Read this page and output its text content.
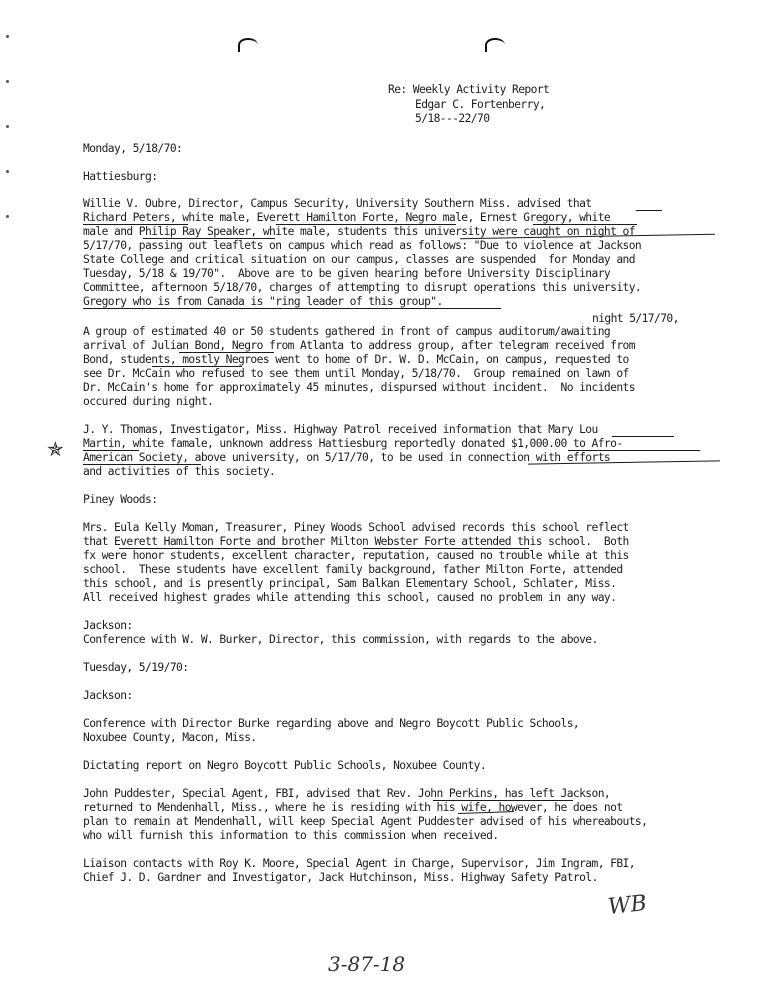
Re: Weekly Activity Report
Edgar C. Fortenberry,
5/18---22/70
Monday, 5/18/70:
Hattiesburg:
Willie V. Oubre, Director, Campus Security, University Southern Miss. advised that
Richard Peters, white male, Everett Hamilton Forte, Negro male, Ernest Gregory, white
male and Philip Ray Speaker, white male, students this university were caught on night of
5/17/70, passing out leaflets on campus which read as follows: "Due to violence at Jackson
State College and critical situation on our campus, classes are suspended  for Monday and
Tuesday, 5/18 & 19/70".  Above are to be given hearing before University Disciplinary
Committee, afternoon 5/18/70, charges of attempting to disrupt operations this university.
Gregory who is from Canada is "ring leader of this group".
night 5/17/70,
A group of estimated 40 or 50 students gathered in front of campus auditorum/awaiting
arrival of Julian Bond, Negro from Atlanta to address group, after telegram received from
Bond, students, mostly Negroes went to home of Dr. W. D. McCain, on campus, requested to
see Dr. McCain who refused to see them until Monday, 5/18/70.  Group remained on lawn of
Dr. McCain's home for approximately 45 minutes, dispursed without incident.  No incidents
occured during night.
✯
J. Y. Thomas, Investigator, Miss. Highway Patrol received information that Mary Lou
Martin, white famale, unknown address Hattiesburg reportedly donated $1,000.00 to Afro-
American Society, above university, on 5/17/70, to be used in connection with efforts
and activities of this society.
Piney Woods:
Mrs. Eula Kelly Moman, Treasurer, Piney Woods School advised records this school reflect
that Everett Hamilton Forte and brother Milton Webster Forte attended this school.  Both
fx were honor students, excellent character, reputation, caused no trouble while at this
school.  These students have excellent family background, father Milton Forte, attended
this school, and is presently principal, Sam Balkan Elementary School, Schlater, Miss.
All received highest grades while attending this school, caused no problem in any way.
Jackson:
Conference with W. W. Burker, Director, this commission, with regards to the above.
Tuesday, 5/19/70:
Jackson:
Conference with Director Burke regarding above and Negro Boycott Public Schools,
Noxubee County, Macon, Miss.
Dictating report on Negro Boycott Public Schools, Noxubee County.
John Puddester, Special Agent, FBI, advised that Rev. John Perkins, has left Jackson,
returned to Mendenhall, Miss., where he is residing with his wife, however, he does not
plan to remain at Mendenhall, will keep Special Agent Puddester advised of his whereabouts,
who will furnish this information to this commission when received.
Liaison contacts with Roy K. Moore, Special Agent in Charge, Supervisor, Jim Ingram, FBI,
Chief J. D. Gardner and Investigator, Jack Hutchinson, Miss. Highway Safety Patrol.
WB
3-87-18
